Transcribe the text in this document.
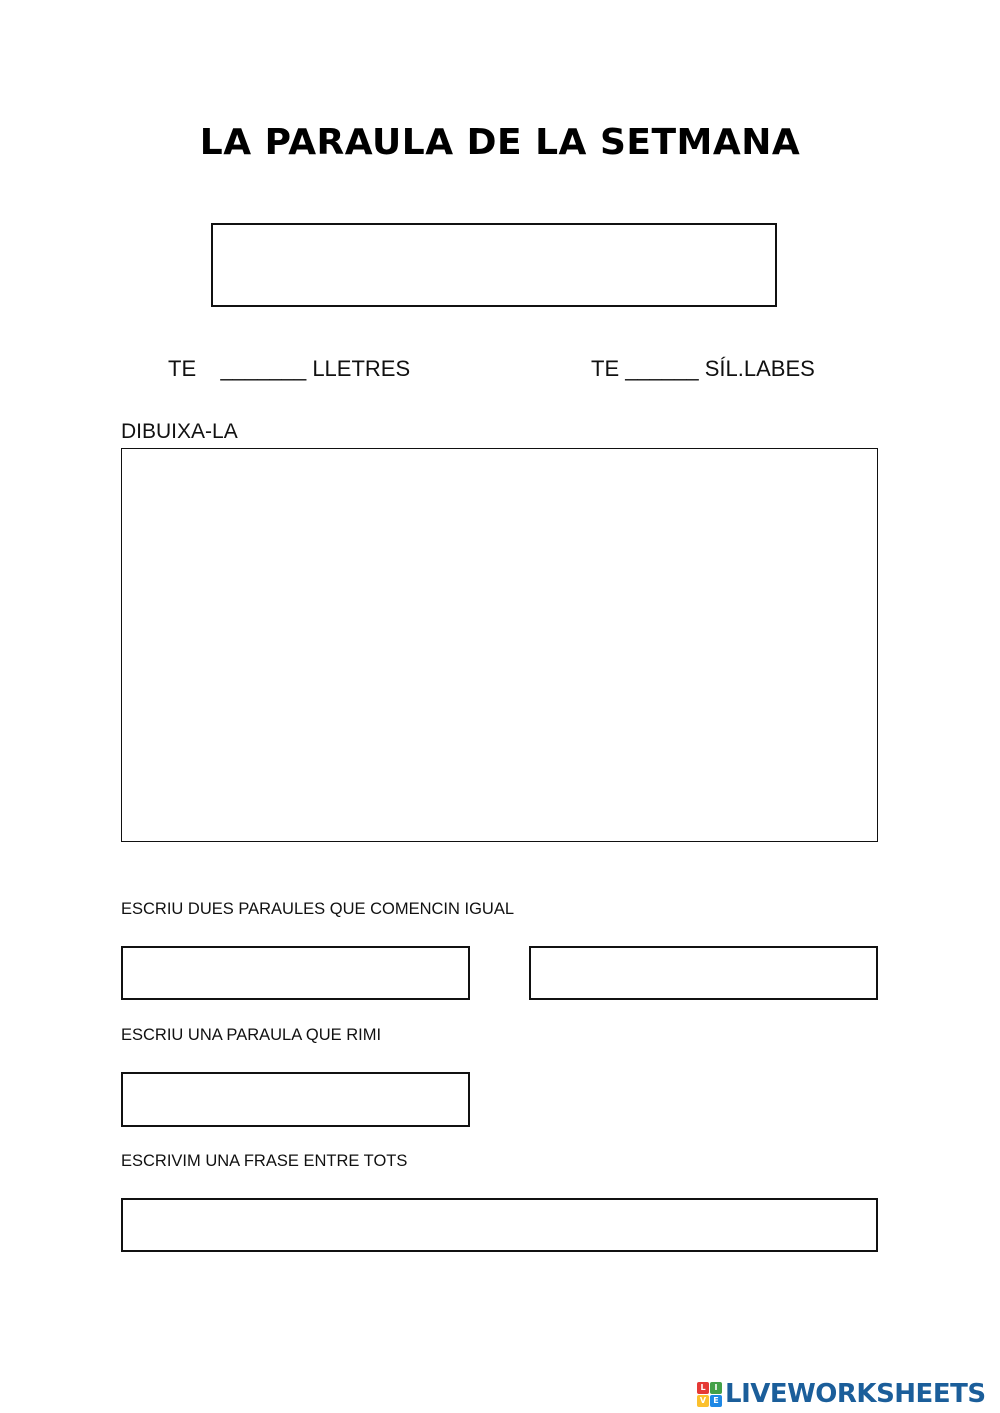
LA PARAULA DE LA SETMANA
TE    _______ LLETRES	TE ______ SÍL.LABES
DIBUIXA-LA
ESCRIU DUES PARAULES QUE COMENCIN IGUAL
ESCRIU UNA PARAULA QUE RIMI
ESCRIVIM UNA FRASE ENTRE TOTS
L	I
V E LIVEWORKSHEETS
